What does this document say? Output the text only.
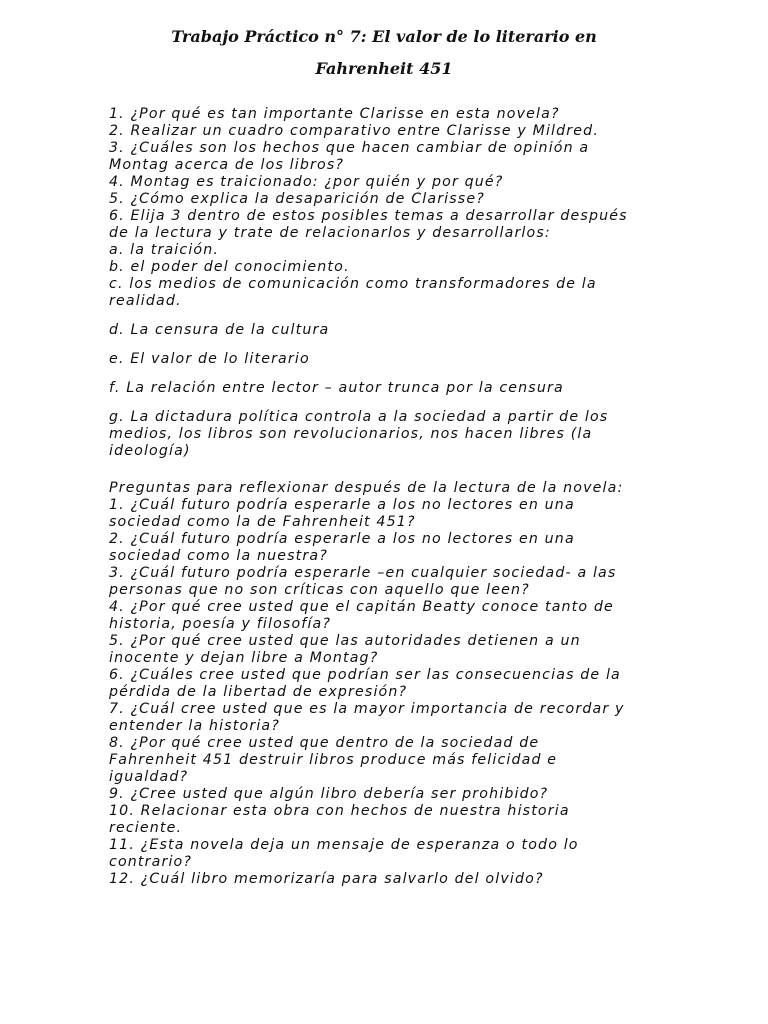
Trabajo Práctico n° 7: El valor de lo literario en
Fahrenheit 451
1. ¿Por qué es tan importante Clarisse en esta novela?
2. Realizar un cuadro comparativo entre Clarisse y Mildred.
3. ¿Cuáles son los hechos que hacen cambiar de opinión a
Montag acerca de los libros?
4. Montag es traicionado: ¿por quién y por qué?
5. ¿Cómo explica la desaparición de Clarisse?
6. Elija 3 dentro de estos posibles temas a desarrollar después
de la lectura y trate de relacionarlos y desarrollarlos:
a. la traición.
b. el poder del conocimiento.
c. los medios de comunicación como transformadores de la
realidad.
d. La censura de la cultura
e. El valor de lo literario
f. La relación entre lector – autor trunca por la censura
g. La dictadura política controla a la sociedad a partir de los
medios, los libros son revolucionarios, nos hacen libres (la
ideología)
Preguntas para reflexionar después de la lectura de la novela:
1. ¿Cuál futuro podría esperarle a los no lectores en una
sociedad como la de Fahrenheit 451?
2. ¿Cuál futuro podría esperarle a los no lectores en una
sociedad como la nuestra?
3. ¿Cuál futuro podría esperarle –en cualquier sociedad- a las
personas que no son críticas con aquello que leen?
4. ¿Por qué cree usted que el capitán Beatty conoce tanto de
historia, poesía y filosofía?
5. ¿Por qué cree usted que las autoridades detienen a un
inocente y dejan libre a Montag?
6. ¿Cuáles cree usted que podrían ser las consecuencias de la
pérdida de la libertad de expresión?
7. ¿Cuál cree usted que es la mayor importancia de recordar y
entender la historia?
8. ¿Por qué cree usted que dentro de la sociedad de
Fahrenheit 451 destruir libros produce más felicidad e
igualdad?
9. ¿Cree usted que algún libro debería ser prohibido?
10. Relacionar esta obra con hechos de nuestra historia
reciente.
11. ¿Esta novela deja un mensaje de esperanza o todo lo
contrario?
12. ¿Cuál libro memorizaría para salvarlo del olvido?
